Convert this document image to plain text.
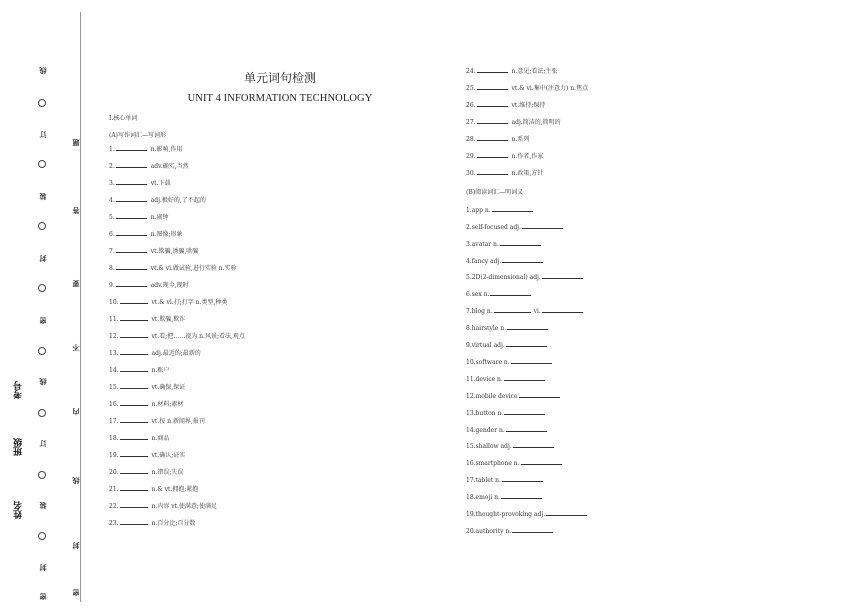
线
订
装
封
密
线
订
装
封
密
题
答
要
不
内
线
封
密
考号
班级
姓名
单元词句检测
UNIT 4 INFORMATION TECHNOLOGY
Ⅰ.核心单词
(A)写作词汇—写词形
1.	n.影响,作用
2.	adv.确实,当然
3.	vt.下载
4.	adj.极好的,了不起的
5.	n.闹钟
6.	n.图像;形象
7.	vt.欺骗,诱骗,哄骗
8.	vt.& vi.做试验,进行实验 n.实验
9.	adv.现今,现时
10.	vt.& vi.打;打字 n.类型,种类
11.	vt.欺骗,欺诈
12.	vt.看;把……视为 n.风景;看法,观点
13.	adj.最近的;最新的
14.	n.账户
15.	vt.确保,保证
16.	n.材料;素材
17.	vt.按 n.新闻界,报刊
18.	n.商品
19.	vt.确认;证实
20.	n.错误;失误
21.	n.& vt.拥抱;紧抱
22.	n.内容 vt.使满意;使满足
23.	n.百分比;百分数
24.	n.意见;看法;主张
25.	vt.& vi.集中(注意力) n.焦点
26.	vt.维持;保持
27.	adj.简洁的,简明的
28.	n.系列
29.	n.作者,作家
30.	n.政策,方针
(B)阅读词汇—明词义
1.app n.
2.self-focused adj.
3.avatar n.
4.fancy adj.
5.2D(2-dimensional) adj.
6.sex n.
7.blog n.	vi.
8.hairstyle n.
9.virtual adj.
10.software n.
11.device n.
12.mobile device
13.button n.
14.gender n.
15.shallow adj.
16.smartphone n.
17.tablet n.
18.emoji n.
19.thought-provoking adj.
20.authority n.
